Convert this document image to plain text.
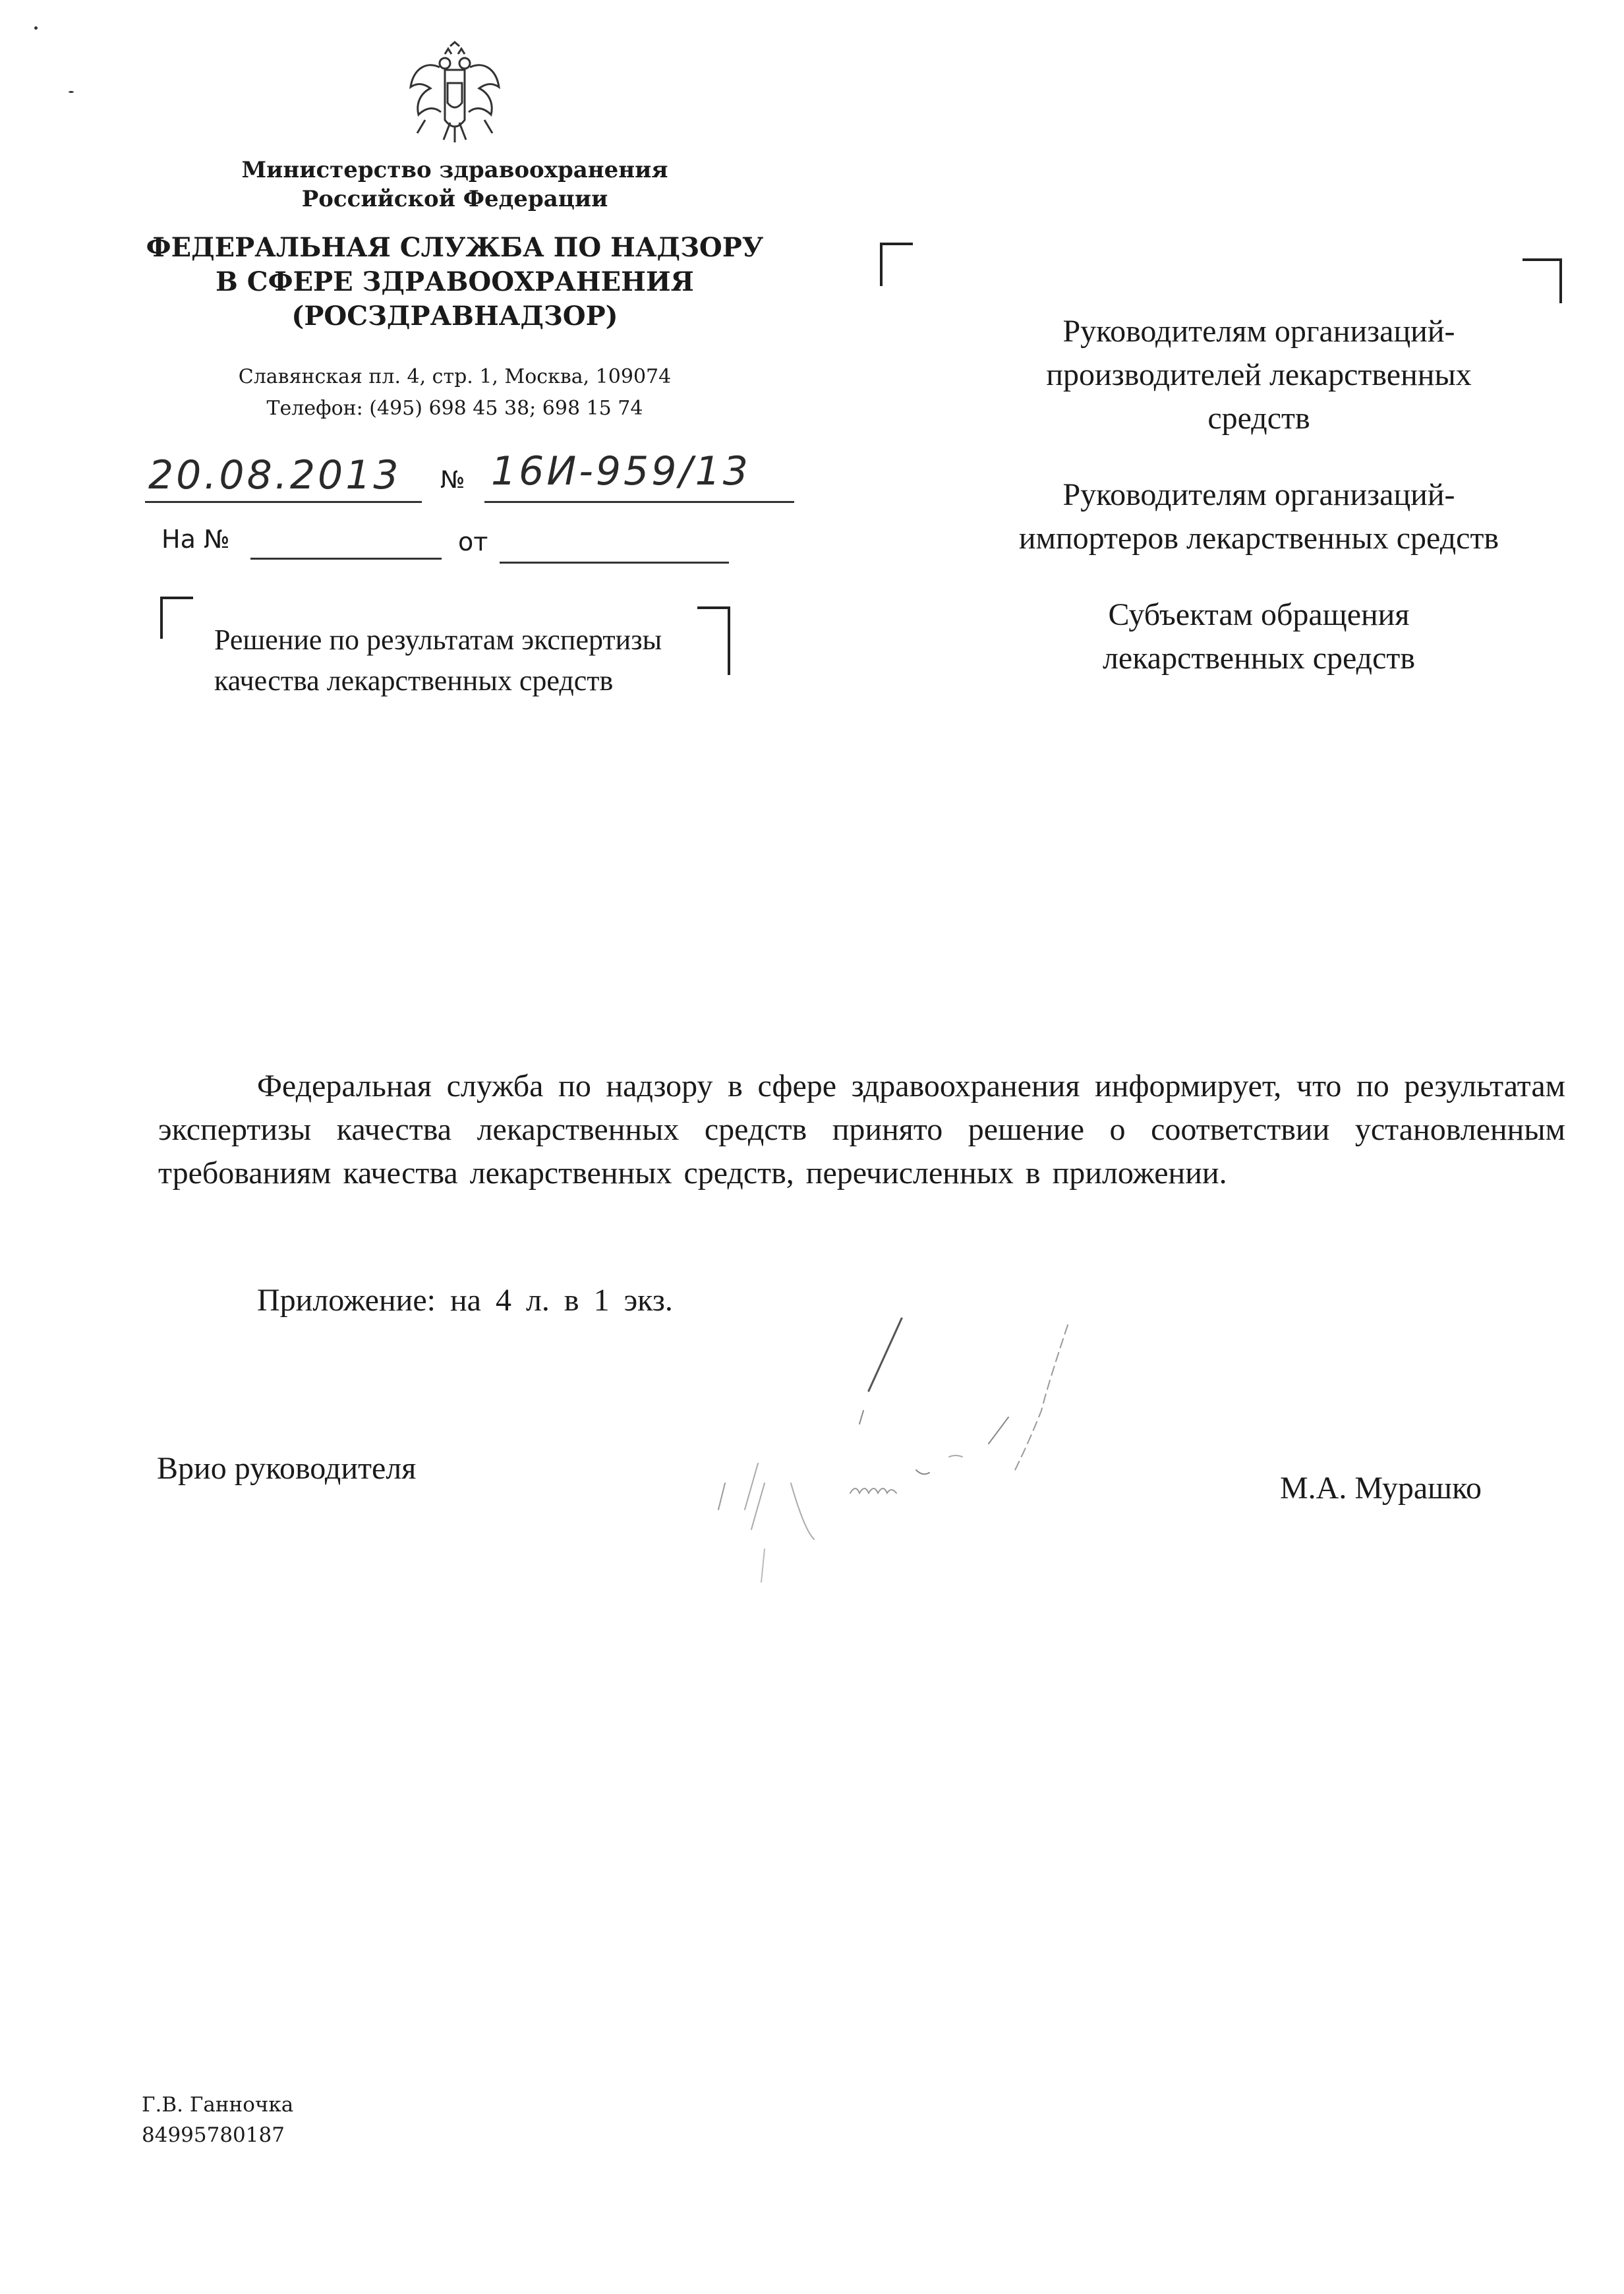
Министерство здравоохранения
Российской Федерации
ФЕДЕРАЛЬНАЯ СЛУЖБА ПО НАДЗОРУ
В СФЕРЕ ЗДРАВООХРАНЕНИЯ
(РОСЗДРАВНАДЗОР)
Славянская пл. 4, стр. 1, Москва, 109074
Телефон: (495) 698 45 38; 698 15 74
20.08.2013 № 16И-959/13
На №	от
Решение по результатам экспертизы
качества лекарственных средств
Руководителям организаций-
производителей лекарственных
средств
Руководителям организаций-
импортеров лекарственных средств
Субъектам обращения
лекарственных средств
Федеральная служба по надзору в сфере здравоохранения информирует, что по результатам экспертизы качества лекарственных средств принято решение о соответствии установленным требованиям качества лекарственных средств, перечисленных в приложении.
Приложение: на 4 л. в 1 экз.
Врио руководителя
М.А. Мурашко
Г.В. Ганночка
84995780187
